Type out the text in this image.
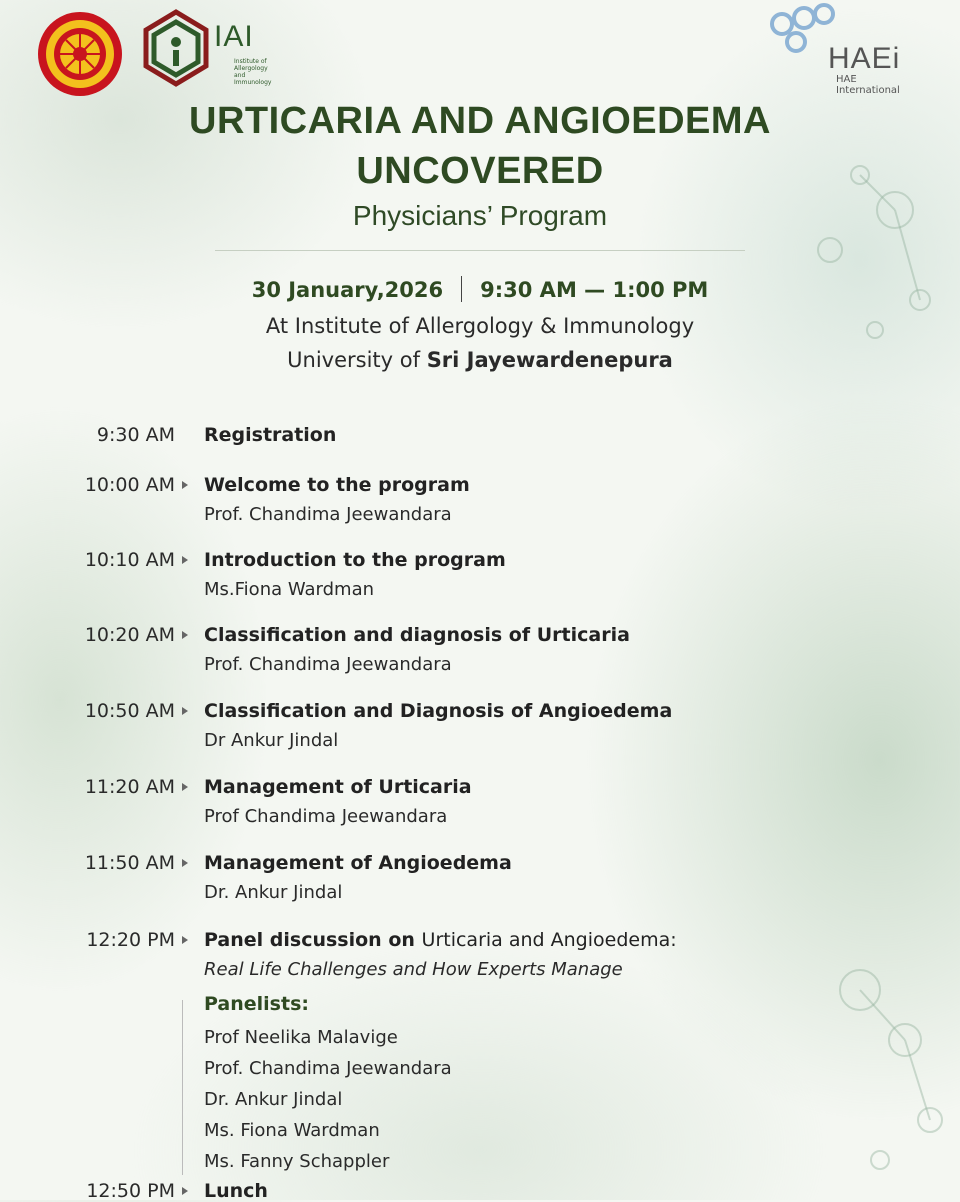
IAI
Institute of Allergology and Immunology
HAEi
HAE International
URTICARIA AND ANGIOEDEMA
UNCOVERED
Physicians’ Program
30 January,2026 9:30 AM — 1:00 PM
At Institute of Allergology & Immunology
University of Sri Jayewardenepura
9:30 AM Registration
10:00 AM Welcome to the program
Prof. Chandima Jeewandara
10:10 AM Introduction to the program
Ms.Fiona Wardman
10:20 AM Classification and diagnosis of Urticaria
Prof. Chandima Jeewandara
10:50 AM Classification and Diagnosis of Angioedema
Dr Ankur Jindal
11:20 AM Management of Urticaria
Prof Chandima Jeewandara
11:50 AM Management of Angioedema
Dr. Ankur Jindal
12:20 PM Panel discussion on Urticaria and Angioedema:
Real Life Challenges and How Experts Manage
Panelists:
Prof Neelika Malavige
Prof. Chandima Jeewandara
Dr. Ankur Jindal
Ms. Fiona Wardman
Ms. Fanny Schappler
12:50 PM Lunch
